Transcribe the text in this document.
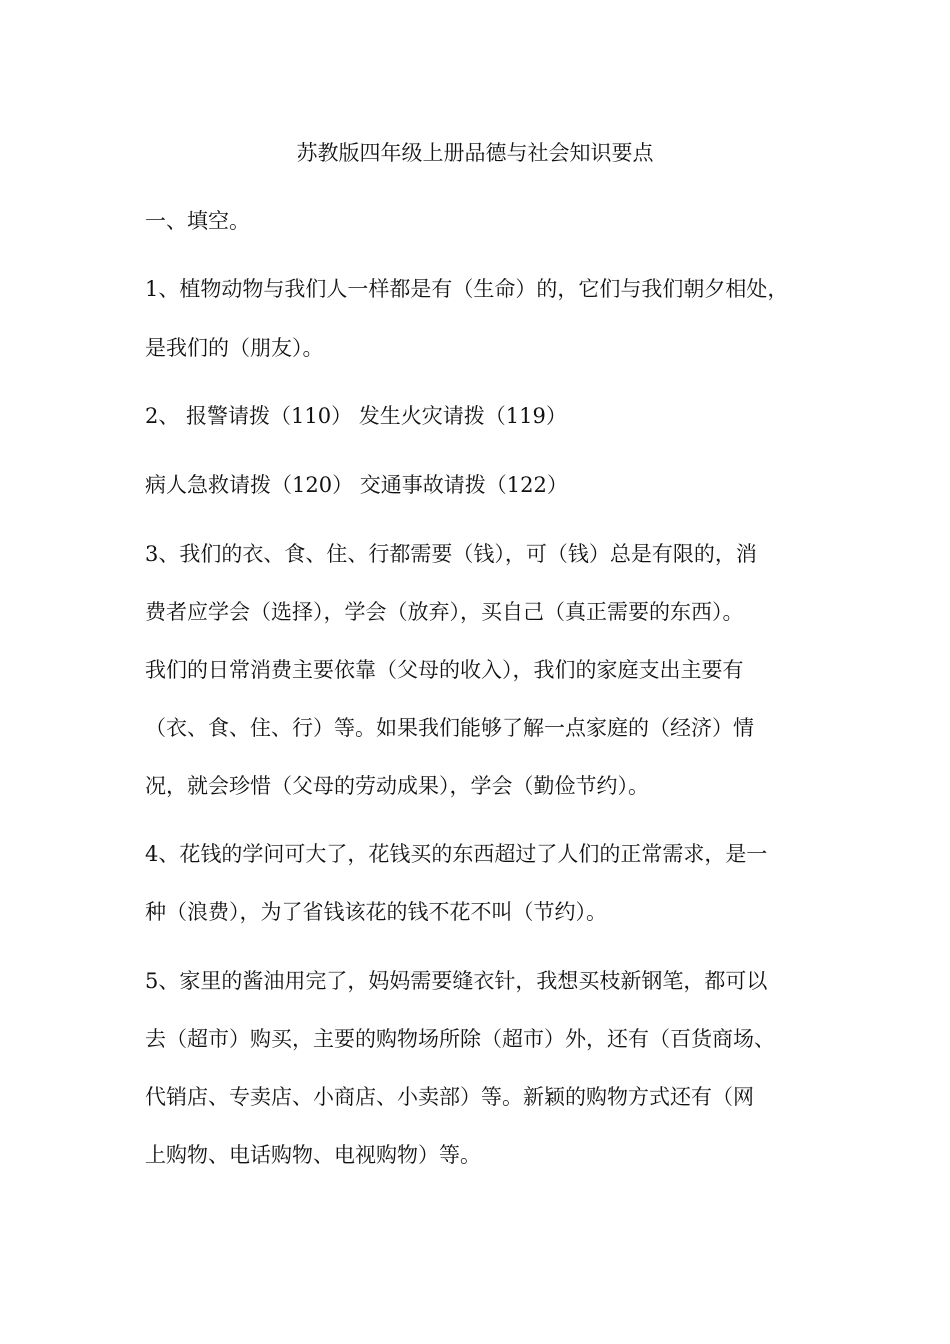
苏教版四年级上册品德与社会知识要点

一、填空。

1、植物动物与我们人一样都是有（生命）的，它们与我们朝夕相处，

是我们的（朋友）。

2、 报警请拨（110） 发生火灾请拨（119）

病人急救请拨（120） 交通事故请拨（122）

3、我们的衣、食、住、行都需要（钱），可（钱）总是有限的，消

费者应学会（选择），学会（放弃），买自己（真正需要的东西）。

我们的日常消费主要依靠（父母的收入），我们的家庭支出主要有

（衣、食、住、行）等。如果我们能够了解一点家庭的（经济）情

况，就会珍惜（父母的劳动成果），学会（勤俭节约）。

4、花钱的学问可大了，花钱买的东西超过了人们的正常需求，是一

种（浪费），为了省钱该花的钱不花不叫（节约）。

5、家里的酱油用完了，妈妈需要缝衣针，我想买枝新钢笔，都可以

去（超市）购买，主要的购物场所除（超市）外，还有（百货商场、

代销店、专卖店、小商店、小卖部）等。新颖的购物方式还有（网

上购物、电话购物、电视购物）等。
